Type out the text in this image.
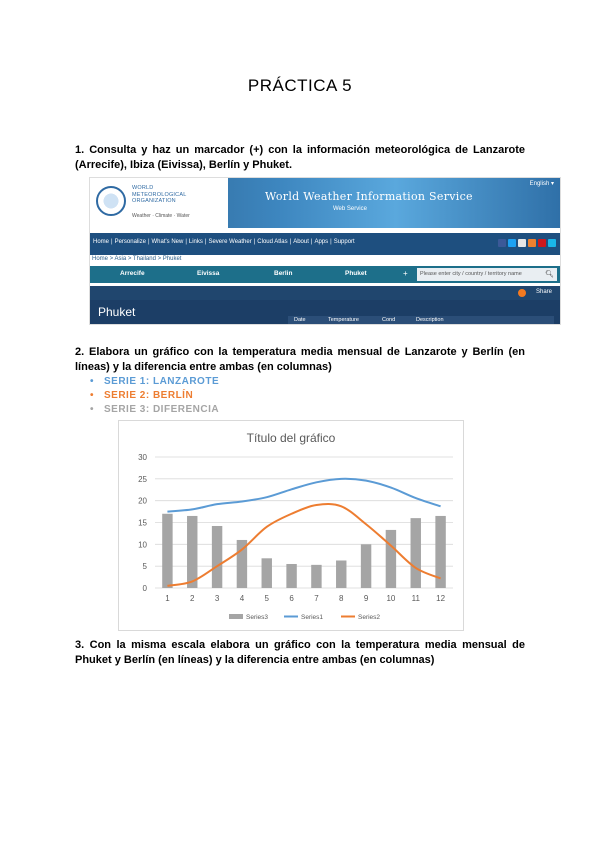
PRÁCTICA 5
1. Consulta y haz un marcador (+) con la información meteorológica de Lanzarote (Arrecife), Ibiza (Eivissa), Berlín y Phuket.
WORLD
METEOROLOGICAL
ORGANIZATION
Weather · Climate · Water
World Weather Information Service
Web Service
English ▾
Home | Personalize | What's New | Links | Severe Weather | Cloud Atlas | About | Apps | Support
Home > Asia > Thailand > Phuket
Arrecife	Eivissa	Berlin	Phuket	+	Please enter city / country / territory name	🔍︎
Share
Phuket
Date	Temperature	Cond	Description
2. Elabora un gráfico con la temperatura media mensual de Lanzarote y Berlín (en líneas) y la diferencia entre ambas (en columnas)
• SERIE 1: LANZAROTE
• SERIE 2: BERLÍN
• SERIE 3: DIFERENCIA
Título del gráfico
0
5
10
15
20
25
30
1	2	3	4	5	6	7	8	9 10 11 12
Series3	Series1	Series2
3. Con la misma escala elabora un gráfico con la temperatura media mensual de Phuket y Berlín (en líneas) y la diferencia entre ambas (en columnas)
